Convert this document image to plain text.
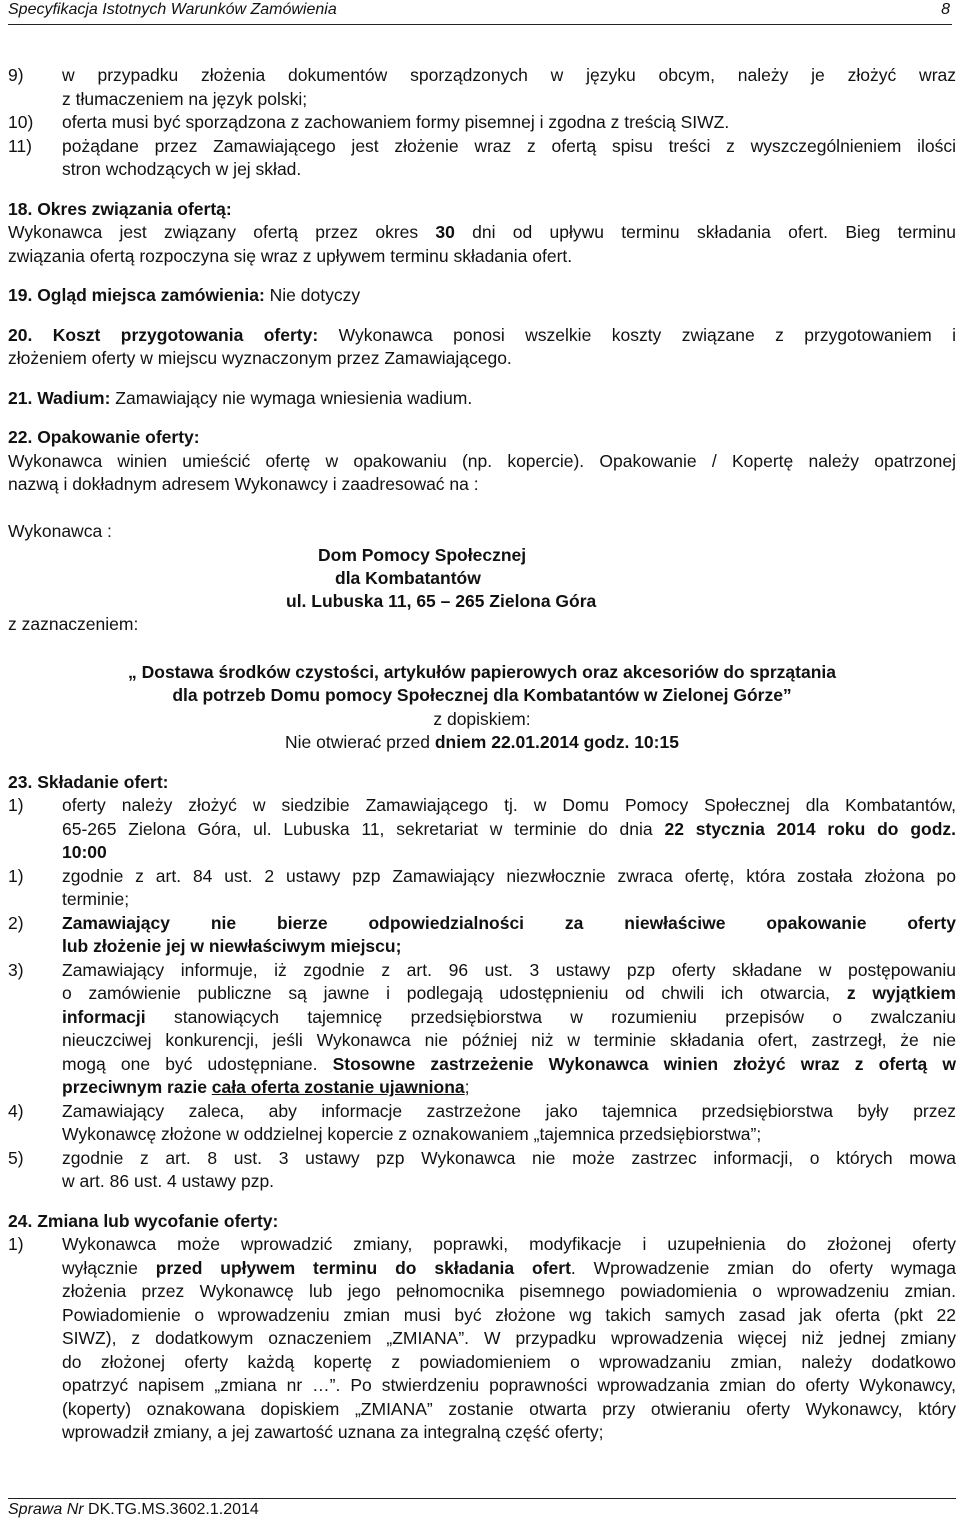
Specyfikacja Istotnych Warunków Zamówienia	8
9) w przypadku złożenia dokumentów sporządzonych w języku obcym, należy je złożyć wraz

z tłumaczeniem na język polski;

10) oferta musi być sporządzona z zachowaniem formy pisemnej i zgodna z treścią SIWZ.

11) pożądane przez Zamawiającego jest złożenie wraz z ofertą spisu treści z wyszczególnieniem ilości

stron wchodzących w jej skład.

18. Okres związania ofertą:

Wykonawca jest związany ofertą przez okres 30 dni od upływu terminu składania ofert. Bieg terminu

związania ofertą rozpoczyna się wraz z upływem terminu składania ofert.

19. Ogląd miejsca zamówienia: Nie dotyczy

20. Koszt przygotowania oferty: Wykonawca ponosi wszelkie koszty związane z przygotowaniem i

złożeniem oferty w miejscu wyznaczonym przez Zamawiającego.

21. Wadium: Zamawiający nie wymaga wniesienia wadium.

22. Opakowanie oferty:

Wykonawca winien umieścić ofertę w opakowaniu (np. kopercie). Opakowanie / Kopertę należy opatrzonej

nazwą i dokładnym adresem Wykonawcy i zaadresować na :

Wykonawca :

Dom Pomocy Społecznej

dla Kombatantów

ul. Lubuska 11, 65 – 265 Zielona Góra

z zaznaczeniem:

„ Dostawa środków czystości, artykułów papierowych oraz akcesoriów do sprzątania

dla potrzeb Domu pomocy Społecznej dla Kombatantów w Zielonej Górze”

z dopiskiem:

Nie otwierać przed dniem 22.01.2014 godz. 10:15

23. Składanie ofert:

1) oferty należy złożyć w siedzibie Zamawiającego tj. w Domu Pomocy Społecznej dla Kombatantów,

65-265 Zielona Góra, ul. Lubuska 11, sekretariat w terminie do dnia 22 stycznia 2014 roku do godz.

10:00

1) zgodnie z art. 84 ust. 2 ustawy pzp Zamawiający niezwłocznie zwraca ofertę, która została złożona po

terminie;

2) Zamawiający nie bierze odpowiedzialności za niewłaściwe opakowanie oferty

lub złożenie jej w niewłaściwym miejscu;

3) Zamawiający informuje, iż zgodnie z art. 96 ust. 3 ustawy pzp oferty składane w postępowaniu

o zamówienie publiczne są jawne i podlegają udostępnieniu od chwili ich otwarcia, z wyjątkiem

informacji stanowiących tajemnicę przedsiębiorstwa w rozumieniu przepisów o zwalczaniu

nieuczciwej konkurencji, jeśli Wykonawca nie później niż w terminie składania ofert, zastrzegł, że nie

mogą one być udostępniane. Stosowne zastrzeżenie Wykonawca winien złożyć wraz z ofertą w

przeciwnym razie cała oferta zostanie ujawniona;

4) Zamawiający zaleca, aby informacje zastrzeżone jako tajemnica przedsiębiorstwa były przez

Wykonawcę złożone w oddzielnej kopercie z oznakowaniem „tajemnica przedsiębiorstwa”;

5) zgodnie z art. 8 ust. 3 ustawy pzp Wykonawca nie może zastrzec informacji, o których mowa

w art. 86 ust. 4 ustawy pzp.

24. Zmiana lub wycofanie oferty:

1) Wykonawca może wprowadzić zmiany, poprawki, modyfikacje i uzupełnienia do złożonej oferty

wyłącznie przed upływem terminu do składania ofert. Wprowadzenie zmian do oferty wymaga

złożenia przez Wykonawcę lub jego pełnomocnika pisemnego powiadomienia o wprowadzeniu zmian.

Powiadomienie o wprowadzeniu zmian musi być złożone wg takich samych zasad jak oferta (pkt 22

SIWZ), z dodatkowym oznaczeniem „ZMIANA”. W przypadku wprowadzenia więcej niż jednej zmiany

do złożonej oferty każdą kopertę z powiadomieniem o wprowadzaniu zmian, należy dodatkowo

opatrzyć napisem „zmiana nr …”. Po stwierdzeniu poprawności wprowadzania zmian do oferty Wykonawcy,

(koperty) oznakowana dopiskiem „ZMIANA” zostanie otwarta przy otwieraniu oferty Wykonawcy, który

wprowadził zmiany, a jej zawartość uznana za integralną część oferty;

Sprawa Nr DK.TG.MS.3602.1.2014
